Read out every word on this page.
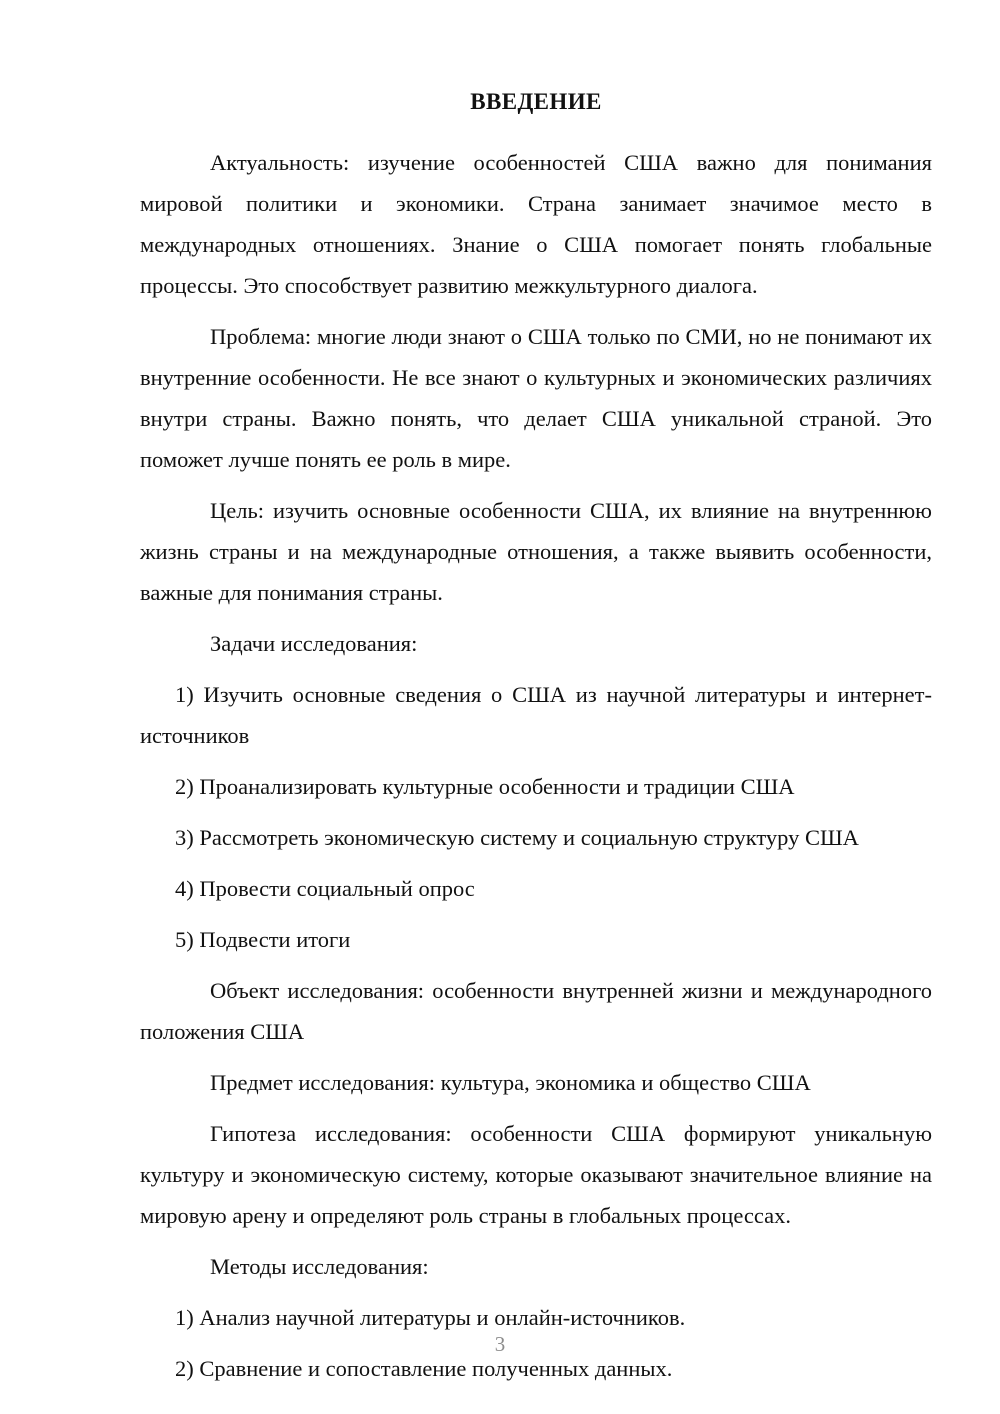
ВВЕДЕНИЕ

Актуальность: изучение особенностей США важно для понимания мировой политики и экономики. Страна занимает значимое место в международных отношениях. Знание о США помогает понять глобальные процессы. Это способствует развитию межкультурного диалога.

Проблема: многие люди знают о США только по СМИ, но не понимают их внутренние особенности. Не все знают о культурных и экономических различиях внутри страны. Важно понять, что делает США уникальной страной. Это поможет лучше понять ее роль в мире.

Цель: изучить основные особенности США, их влияние на внутреннюю жизнь страны и на международные отношения, а также выявить особенности, важные для понимания страны.

Задачи исследования:

1) Изучить основные сведения о США из научной литературы и интернет-источников

2) Проанализировать культурные особенности и традиции США

3) Рассмотреть экономическую систему и социальную структуру США

4) Провести социальный опрос

5) Подвести итоги

Объект исследования: особенности внутренней жизни и международного положения США

Предмет исследования: культура, экономика и общество США

Гипотеза исследования: особенности США формируют уникальную культуру и экономическую систему, которые оказывают значительное влияние на мировую арену и определяют роль страны в глобальных процессах.

Методы исследования:

1) Анализ научной литературы и онлайн-источников.

2) Сравнение и сопоставление полученных данных.

3
